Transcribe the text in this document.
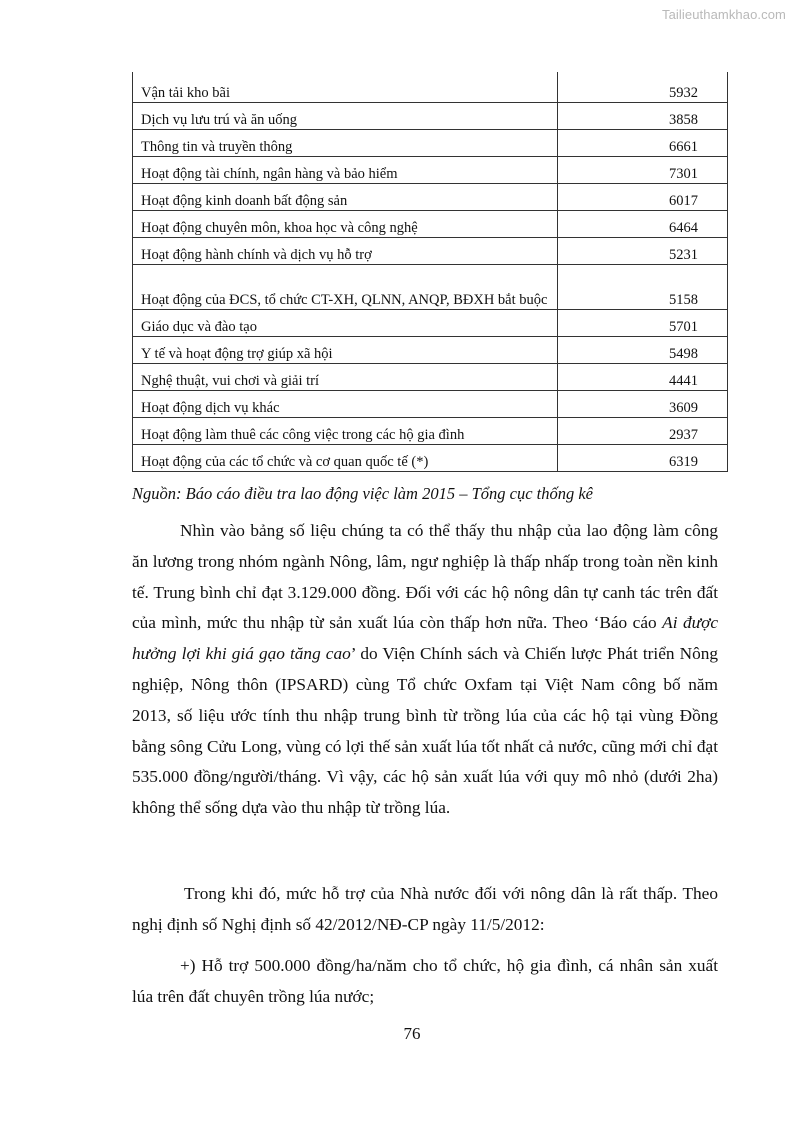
Tailieuthamkhao.com
Vận tải kho bãi	5932
Dịch vụ lưu trú và ăn uống	3858
Thông tin và truyền thông	6661
Hoạt động tài chính, ngân hàng và bảo hiểm	7301
Hoạt động kinh doanh bất động sản	6017
Hoạt động chuyên môn, khoa học và công nghệ	6464
Hoạt động hành chính và dịch vụ hỗ trợ	5231
Hoạt động của ĐCS, tổ chức CT-XH, QLNN, ANQP, BĐXH bắt buộc	5158
Giáo dục và đào tạo	5701
Y tế và hoạt động trợ giúp xã hội	5498
Nghệ thuật, vui chơi và giải trí	4441
Hoạt động dịch vụ khác	3609
Hoạt động làm thuê các công việc trong các hộ gia đình	2937
Hoạt động của các tổ chức và cơ quan quốc tế (*)	6319
Nguồn: Báo cáo điều tra lao động việc làm 2015 – Tổng cục thống kê
Nhìn vào bảng số liệu chúng ta có thể thấy thu nhập của lao động làm công ăn lương trong nhóm ngành Nông, lâm, ngư nghiệp là thấp nhấp trong toàn nền kinh tế. Trung bình chỉ đạt 3.129.000 đồng. Đối với các hộ nông dân tự canh tác trên đất của mình, mức thu nhập từ sản xuất lúa còn thấp hơn nữa. Theo ‘Báo cáo Ai được hưởng lợi khi giá gạo tăng cao’ do Viện Chính sách và Chiến lược Phát triển Nông nghiệp, Nông thôn (IPSARD) cùng Tổ chức Oxfam tại Việt Nam công bố năm 2013, số liệu ước tính thu nhập trung bình từ trồng lúa của các hộ tại vùng Đồng bằng sông Cửu Long, vùng có lợi thế sản xuất lúa tốt nhất cả nước, cũng mới chỉ đạt 535.000 đồng/người/tháng. Vì vậy, các hộ sản xuất lúa với quy mô nhỏ (dưới 2ha) không thể sống dựa vào thu nhập từ trồng lúa.
Trong khi đó, mức hỗ trợ của Nhà nước đối với nông dân là rất thấp. Theo nghị định số Nghị định số 42/2012/NĐ-CP ngày 11/5/2012:
+) Hỗ trợ 500.000 đồng/ha/năm cho tổ chức, hộ gia đình, cá nhân sản xuất lúa trên đất chuyên trồng lúa nước;
76
